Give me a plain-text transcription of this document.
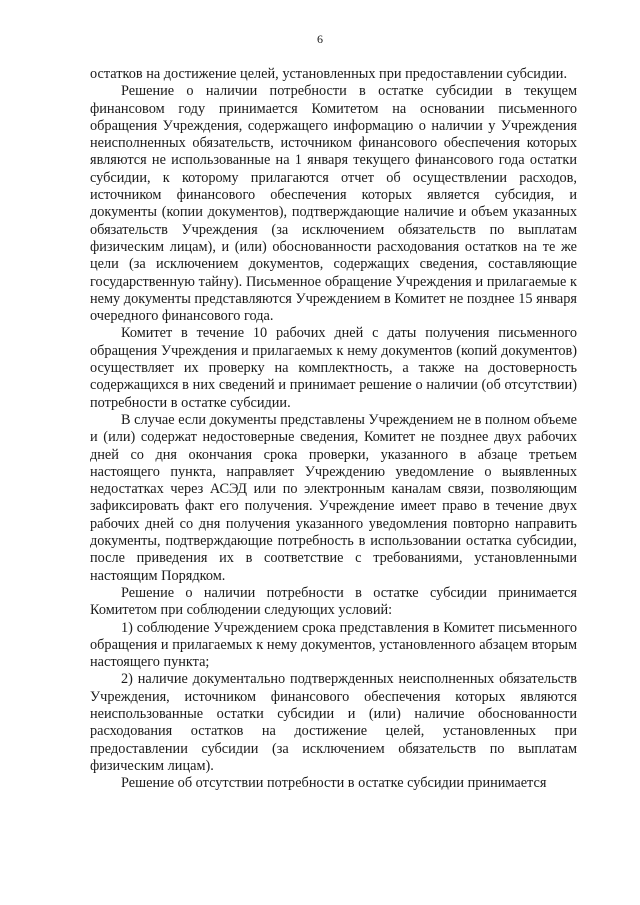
6

остатков на достижение целей, установленных при предоставлении субсидии.

Решение о наличии потребности в остатке субсидии в текущем финансовом году принимается Комитетом на основании письменного обращения Учреждения, содержащего информацию о наличии у Учреждения неисполненных обязательств, источником финансового обеспечения которых являются не использованные на 1 января текущего финансового года остатки субсидии, к которому прилагаются отчет об осуществлении расходов, источником финансового обеспечения которых является субсидия, и документы (копии документов), подтверждающие наличие и объем указанных обязательств Учреждения (за исключением обязательств по выплатам физическим лицам), и (или) обоснованности расходования остатков на те же цели (за исключением документов, содержащих сведения, составляющие государственную тайну). Письменное обращение Учреждения и прилагаемые к нему документы представляются Учреждением в Комитет не позднее 15 января очередного финансового года.

Комитет в течение 10 рабочих дней с даты получения письменного обращения Учреждения и прилагаемых к нему документов (копий документов) осуществляет их проверку на комплектность, а также на достоверность содержащихся в них сведений и принимает решение о наличии (об отсутствии) потребности в остатке субсидии.

В случае если документы представлены Учреждением не в полном объеме и (или) содержат недостоверные сведения, Комитет не позднее двух рабочих дней со дня окончания срока проверки, указанного в абзаце третьем настоящего пункта, направляет Учреждению уведомление о выявленных недостатках через АСЭД или по электронным каналам связи, позволяющим зафиксировать факт его получения. Учреждение имеет право в течение двух рабочих дней со дня получения указанного уведомления повторно направить документы, подтверждающие потребность в использовании остатка субсидии, после приведения их в соответствие с требованиями, установленными настоящим Порядком.

Решение о наличии потребности в остатке субсидии принимается Комитетом при соблюдении следующих условий:

1) соблюдение Учреждением срока представления в Комитет письменного обращения и прилагаемых к нему документов, установленного абзацем вторым настоящего пункта;

2) наличие документально подтвержденных неисполненных обязательств Учреждения, источником финансового обеспечения которых являются неиспользованные остатки субсидии и (или) наличие обоснованности расходования остатков на достижение целей, установленных при предоставлении субсидии (за исключением обязательств по выплатам физическим лицам).

Решение об отсутствии потребности в остатке субсидии принимается
